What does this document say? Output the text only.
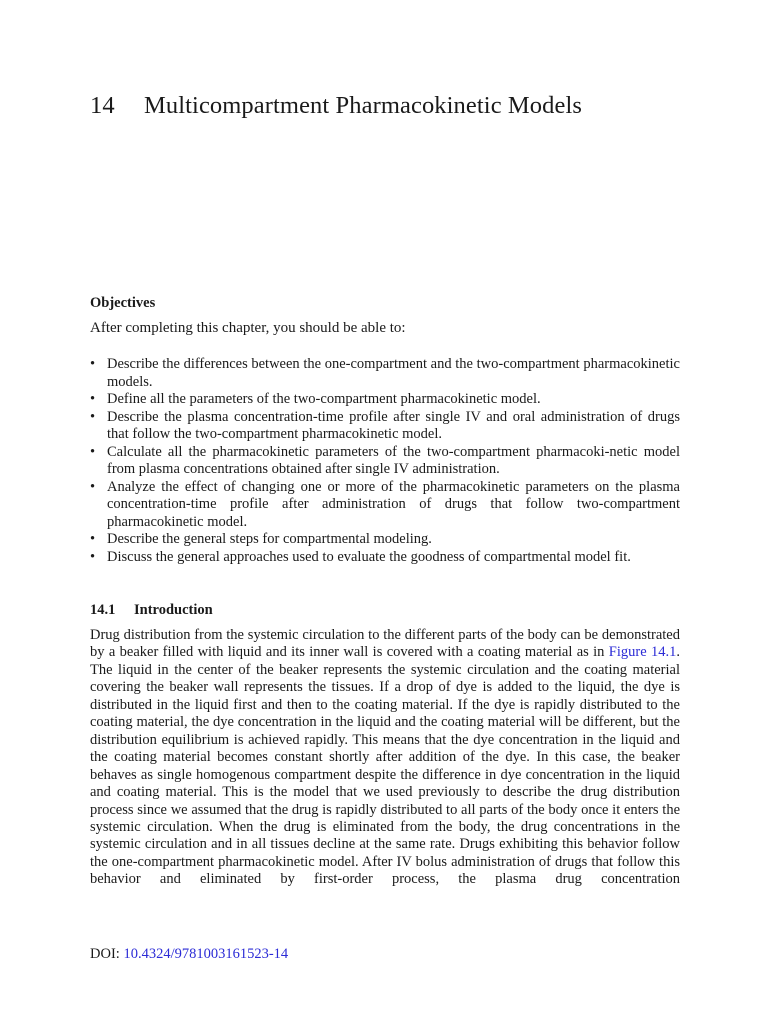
14 Multicompartment Pharmacokinetic Models
Objectives

After completing this chapter, you should be able to:

• Describe the differences between the one-compartment and the two-compartment pharmacokinetic models.
• Define all the parameters of the two-compartment pharmacokinetic model.
• Describe the plasma concentration-time profile after single IV and oral administration of drugs that follow the two-compartment pharmacokinetic model.
• Calculate all the pharmacokinetic parameters of the two-compartment pharmacoki-netic model from plasma concentrations obtained after single IV administration.
• Analyze the effect of changing one or more of the pharmacokinetic parameters on the plasma concentration-time profile after administration of drugs that follow two-compartment pharmacokinetic model.
• Describe the general steps for compartmental modeling.
• Discuss the general approaches used to evaluate the goodness of compartmental model fit.
14.1 Introduction

Drug distribution from the systemic circulation to the different parts of the body can be demonstrated by a beaker filled with liquid and its inner wall is covered with a coating material as in Figure 14.1. The liquid in the center of the beaker represents the systemic circulation and the coating material covering the beaker wall represents the tissues. If a drop of dye is added to the liquid, the dye is distributed in the liquid first and then to the coating material. If the dye is rapidly distributed to the coating material, the dye concentration in the liquid and the coating material will be different, but the distribution equilibrium is achieved rapidly. This means that the dye concentration in the liquid and the coating material becomes constant shortly after addition of the dye. In this case, the beaker behaves as single homogenous compartment despite the difference in dye concentration in the liquid and coating material. This is the model that we used previously to describe the drug distribution process since we assumed that the drug is rapidly distributed to all parts of the body once it enters the systemic circulation. When the drug is eliminated from the body, the drug concentrations in the systemic circulation and in all tissues decline at the same rate. Drugs exhibiting this behavior follow the one-compartment pharmacokinetic model. After IV bolus administration of drugs that follow this behavior and eliminated by first-order process, the plasma drug concentration

DOI: 10.4324/9781003161523-14
